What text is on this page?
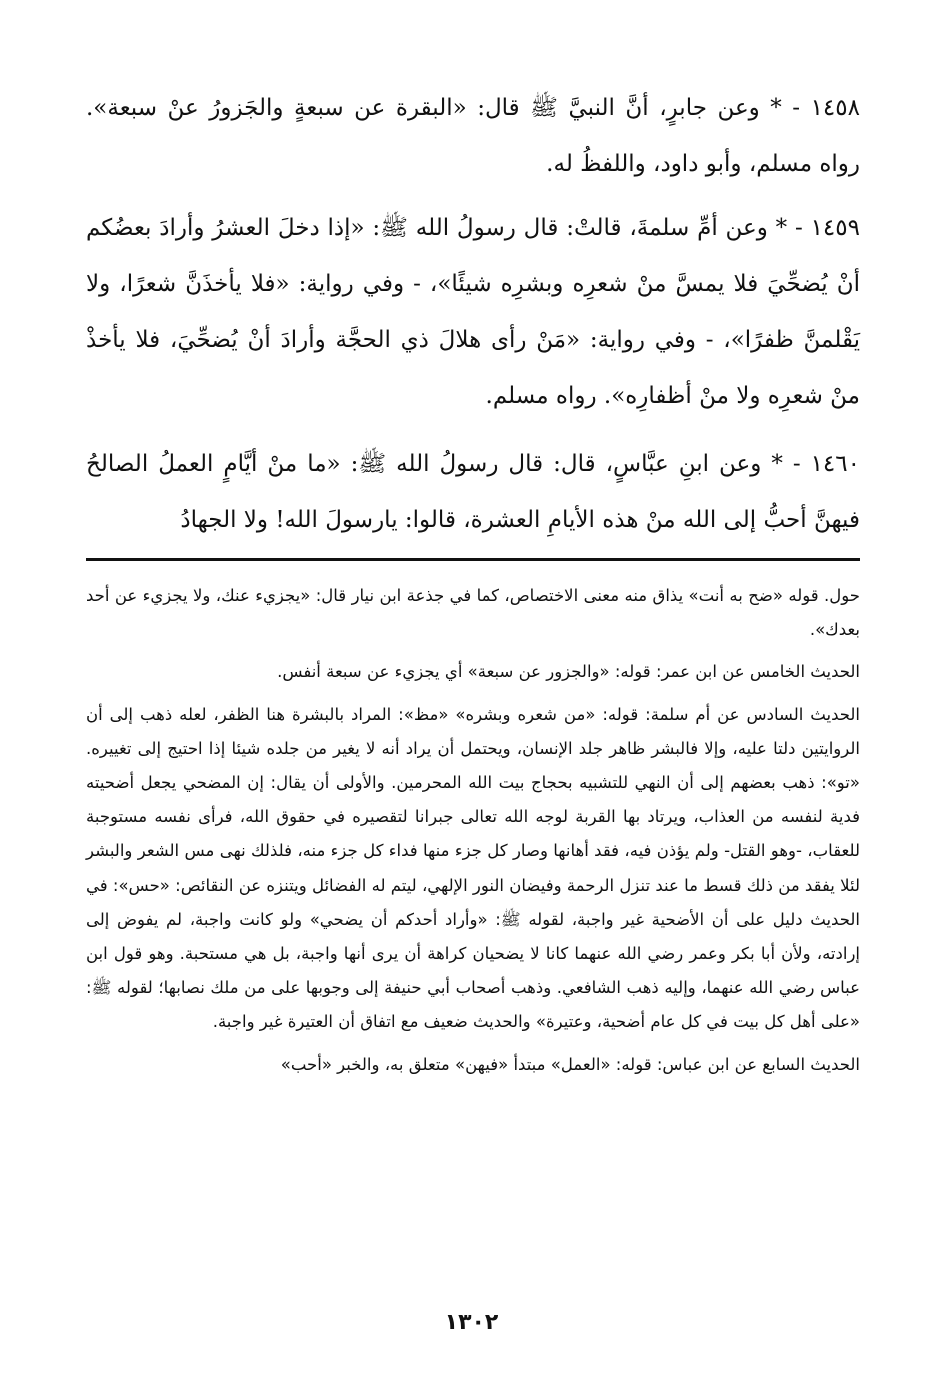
١٤٥٨ - * وعن جابرٍ، أنَّ النبيَّ ﷺ قال: «البقرة عن سبعةٍ والجَزورُ عنْ سبعة». رواه مسلم، وأبو داود، واللفظُ له.

١٤٥٩ - * وعن أمِّ سلمةَ، قالتْ: قال رسولُ الله ﷺ: «إذا دخلَ العشرُ وأرادَ بعضُكم أنْ يُضحِّيَ فلا يمسَّ منْ شعرِه وبشرِه شيئًا»، - وفي رواية: «فلا يأخذَنَّ شعرًا، ولا يَقْلمنَّ ظفرًا»، - وفي رواية: «مَنْ رأى هلالَ ذي الحجَّة وأرادَ أنْ يُضحِّيَ، فلا يأخذْ منْ شعرِه ولا منْ أظفارِه». رواه مسلم.

١٤٦٠ - * وعن ابنِ عبَّاسٍ، قال: قال رسولُ الله ﷺ: «ما منْ أيَّامٍ العملُ الصالحُ فيهنَّ أحبُّ إلى الله منْ هذه الأيامِ العشرة، قالوا: يارسولَ الله! ولا الجهادُ

حول. قوله «ضح به أنت» يذاق منه معنى الاختصاص، كما في جذعة ابن نيار قال: «يجزيء عنك، ولا يجزيء عن أحد بعدك».

الحديث الخامس عن ابن عمر: قوله: «والجزور عن سبعة» أي يجزيء عن سبعة أنفس.

الحديث السادس عن أم سلمة: قوله: «من شعره وبشره» «مظ»: المراد بالبشرة هنا الظفر، لعله ذهب إلى أن الروايتين دلتا عليه، وإلا فالبشر ظاهر جلد الإنسان، ويحتمل أن يراد أنه لا يغير من جلده شيئا إذا احتيج إلى تغييره. «تو»: ذهب بعضهم إلى أن النهي للتشبيه بحجاج بيت الله المحرمين. والأولى أن يقال: إن المضحي يجعل أضحيته فدية لنفسه من العذاب، ويرتاد بها القربة لوجه الله تعالى جبرانا لتقصيره في حقوق الله، فرأى نفسه مستوجبة للعقاب، -وهو القتل- ولم يؤذن فيه، فقد أهانها وصار كل جزء منها فداء كل جزء منه، فلذلك نهى مس الشعر والبشر لئلا يفقد من ذلك قسط ما عند تنزل الرحمة وفيضان النور الإلهي، ليتم له الفضائل ويتنزه عن النقائص: «حس»: في الحديث دليل على أن الأضحية غير واجبة، لقوله ﷺ: «وأراد أحدكم أن يضحي» ولو كانت واجبة، لم يفوض إلى إرادته، ولأن أبا بكر وعمر رضي الله عنهما كانا لا يضحيان كراهة أن يرى أنها واجبة، بل هي مستحبة. وهو قول ابن عباس رضي الله عنهما، وإليه ذهب الشافعي. وذهب أصحاب أبي حنيفة إلى وجوبها على من ملك نصابها؛ لقوله ﷺ: «على أهل كل بيت في كل عام أضحية، وعتيرة» والحديث ضعيف مع اتفاق أن العتيرة غير واجبة.

الحديث السابع عن ابن عباس: قوله: «العمل» مبتدأ «فيهن» متعلق به، والخبر «أحب»

١٣٠٢
